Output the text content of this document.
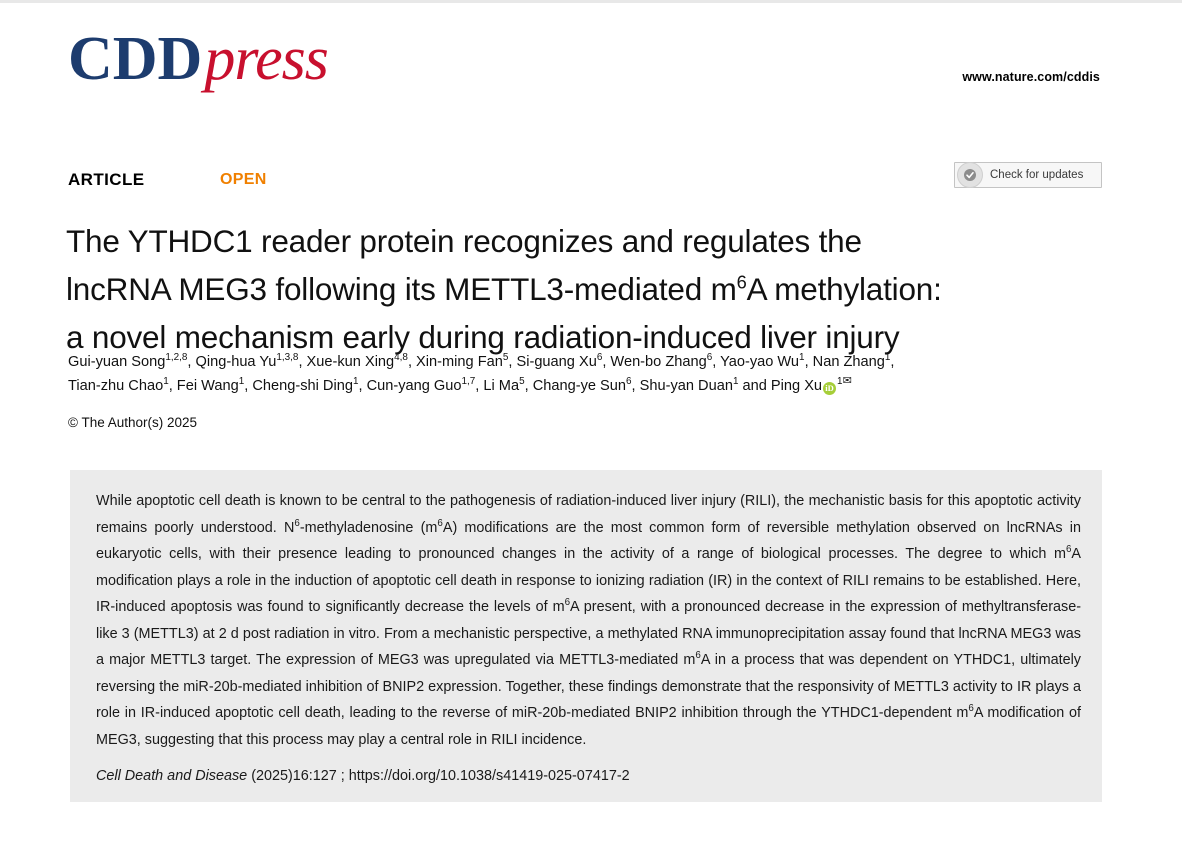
CDDpress	www.nature.com/cddis
ARTICLE	OPEN	Check for updates
The YTHDC1 reader protein recognizes and regulates the
lncRNA MEG3 following its METTL3-mediated $m^6A$ methylation:
a novel mechanism early during radiation-induced liver injury
Gui-yuan Song$^{1,2,8}$, Qing-hua Yu$^{1,3,8}$, Xue-kun Xing$^{4,8}$, Xin-ming Fan$^5$, Si-guang Xu$^6$, Wen-bo Zhang$^6$, Yao-yao Wu$^1$, Nan Zhang$^1$,
Tian-zhu Chao$^1$, Fei Wang$^1$, Cheng-shi Ding$^1$, Cun-yang Guo$^{1,7}$, Li Ma$^5$, Chang-ye Sun$^6$, Shu-yan Duan$^1$ and Ping Xu $iD^1✉$
© The Author(s) 2025
While apoptotic cell death is known to be central to the pathogenesis of radiation-induced liver injury (RILI), the mechanistic basis for this apoptotic activity remains poorly understood. $N^6$-methyladenosine $(m^6A)$ modifications are the most common form of reversible methylation observed on lncRNAs in eukaryotic cells, with their presence leading to pronounced changes in the activity of a range of biological processes. The degree to which $m^6A$ modification plays a role in the induction of apoptotic cell death in response to ionizing radiation (IR) in the context of RILI remains to be established. Here, IR-induced apoptosis was found to significantly decrease the levels of $m^6A$ present, with a pronounced decrease in the expression of methyltransferase-like 3 (METTL3) at 2 d post radiation in vitro. From a mechanistic perspective, a methylated RNA immunoprecipitation assay found that lncRNA MEG3 was a major METTL3 target. The expression of MEG3 was upregulated via METTL3-mediated $m^6A$ in a process that was dependent on YTHDC1, ultimately reversing the miR-20b-mediated inhibition of BNIP2 expression. Together, these findings demonstrate that the responsivity of METTL3 activity to IR plays a role in IR-induced apoptotic cell death, leading to the reverse of miR-20b-mediated BNIP2 inhibition through the YTHDC1-dependent $m^6A$ modification of MEG3, suggesting that this process may play a central role in RILI incidence.
Cell Death and Disease (2025)16:127 ; https://doi.org/10.1038/s41419-025-07417-2
